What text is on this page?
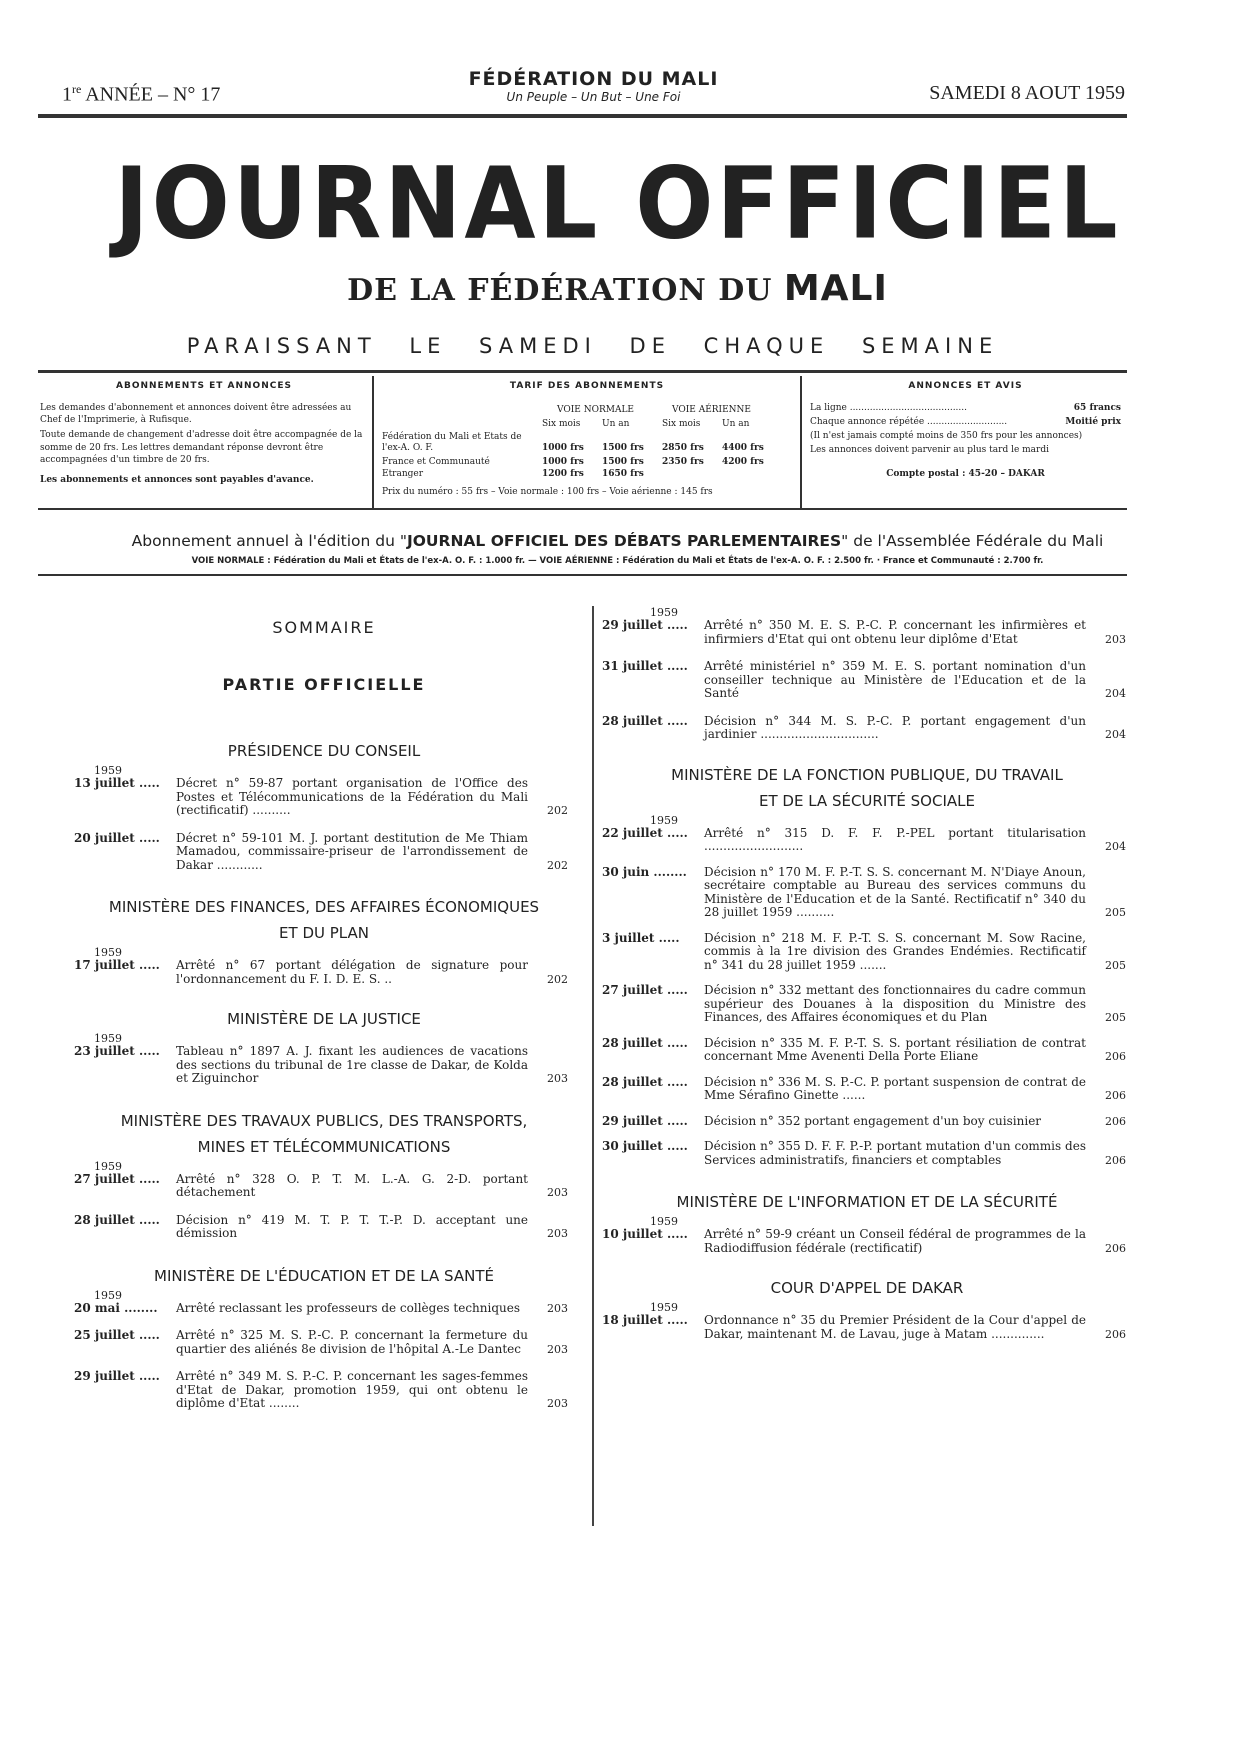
1re ANNÉE – N° 17
FÉDÉRATION DU MALI
Un Peuple – Un But – Une Foi	SAMEDI 8 AOUT 1959
JOURNAL OFFICIEL
DE LA FÉDÉRATION DU MALI
PARAISSANT LE SAMEDI DE CHAQUE SEMAINE
ABONNEMENTS ET ANNONCES

Les demandes d'abonnement et annonces doivent être adressées au Chef de l'Imprimerie, à Rufisque.

Toute demande de changement d'adresse doit être accompagnée de la somme de 20 frs. Les lettres demandant réponse devront être accompagnées d'un timbre de 20 frs.

Les abonnements et annonces sont payables d'avance.

TARIF DES ABONNEMENTS
VOIE NORMALE	VOIE AÉRIENNE
Six mois Un an	Six mois Un an
Fédération du Mali et Etats de l'ex-A. O. F.	1000 frs 1500 frs 2850 frs 4400 frs
France et Communauté	1000 frs 1500 frs 2350 frs 4200 frs
Etranger	1200 frs 1650 frs
Prix du numéro : 55 frs – Voie normale : 100 frs – Voie aérienne : 145 frs
ANNONCES ET AVIS
La ligne .........................................	65 francs
Chaque annonce répétée ............................	Moitié prix
(Il n'est jamais compté moins de 350 frs pour les annonces)
Les annonces doivent parvenir au plus tard le mardi
Compte postal : 45-20 – DAKAR
Abonnement annuel à l'édition du "JOURNAL OFFICIEL DES DÉBATS PARLEMENTAIRES" de l'Assemblée Fédérale du Mali
VOIE NORMALE : Fédération du Mali et États de l'ex-A. O. F. : 1.000 fr. — VOIE AÉRIENNE : Fédération du Mali et États de l'ex-A. O. F. : 2.500 fr. · France et Communauté : 2.700 fr.
SOMMAIRE
PARTIE OFFICIELLE
PRÉSIDENCE DU CONSEIL
1959
13 juillet .....	Décret n° 59-87 portant organisation de l'Office des Postes et Télécommunications de la Fédération du Mali (rectificatif) ..........	202
20 juillet .....	Décret n° 59-101 M. J. portant destitution de Me Thiam Mamadou, commissaire-priseur de l'arrondissement de Dakar ............	202
MINISTÈRE DES FINANCES, DES AFFAIRES ÉCONOMIQUES
ET DU PLAN
1959
17 juillet .....	Arrêté n° 67 portant délégation de signature pour l'ordonnancement du F. I. D. E. S. ..	202
MINISTÈRE DE LA JUSTICE
1959
23 juillet .....	Tableau n° 1897 A. J. fixant les audiences de vacations des sections du tribunal de 1re classe de Dakar, de Kolda et Ziguinchor	203
MINISTÈRE DES TRAVAUX PUBLICS, DES TRANSPORTS,
MINES ET TÉLÉCOMMUNICATIONS
1959
27 juillet .....	Arrêté n° 328 O. P. T. M. L.-A. G. 2-D. portant détachement	203
28 juillet .....	Décision n° 419 M. T. P. T. T.-P. D. acceptant une démission	203
MINISTÈRE DE L'ÉDUCATION ET DE LA SANTÉ
1959
20 mai ........	Arrêté reclassant les professeurs de collèges techniques	203
25 juillet .....	Arrêté n° 325 M. S. P.-C. P. concernant la fermeture du quartier des aliénés 8e division de l'hôpital A.-Le Dantec	203
29 juillet .....	Arrêté n° 349 M. S. P.-C. P. concernant les sages-femmes d'Etat de Dakar, promotion 1959, qui ont obtenu le diplôme d'Etat ........	203
1959
29 juillet .....	Arrêté n° 350 M. E. S. P.-C. P. concernant les infirmières et infirmiers d'Etat qui ont obtenu leur diplôme d'Etat	203
31 juillet .....	Arrêté ministériel n° 359 M. E. S. portant nomination d'un conseiller technique au Ministère de l'Education et de la Santé	204
28 juillet .....	Décision n° 344 M. S. P.-C. P. portant engagement d'un jardinier ...............................	204
MINISTÈRE DE LA FONCTION PUBLIQUE, DU TRAVAIL
ET DE LA SÉCURITÉ SOCIALE
1959
22 juillet .....	Arrêté n° 315 D. F. F. P.-PEL portant titularisation ..........................	204
30 juin ........	Décision n° 170 M. F. P.-T. S. S. concernant M. N'Diaye Anoun, secrétaire comptable au Bureau des services communs du Ministère de l'Education et de la Santé. Rectificatif n° 340 du 28 juillet 1959 ..........	205
3 juillet .....	Décision n° 218 M. F. P.-T. S. S. concernant M. Sow Racine, commis à la 1re division des Grandes Endémies. Rectificatif n° 341 du 28 juillet 1959 .......	205
27 juillet .....	Décision n° 332 mettant des fonctionnaires du cadre commun supérieur des Douanes à la disposition du Ministre des Finances, des Affaires économiques et du Plan	205
28 juillet .....	Décision n° 335 M. F. P.-T. S. S. portant résiliation de contrat concernant Mme Avenenti Della Porte Eliane	206
28 juillet .....	Décision n° 336 M. S. P.-C. P. portant suspension de contrat de Mme Sérafino Ginette ......	206
29 juillet .....	Décision n° 352 portant engagement d'un boy cuisinier	206
30 juillet .....	Décision n° 355 D. F. F. P.-P. portant mutation d'un commis des Services administratifs, financiers et comptables	206
MINISTÈRE DE L'INFORMATION ET DE LA SÉCURITÉ
1959
10 juillet .....	Arrêté n° 59-9 créant un Conseil fédéral de programmes de la Radiodiffusion fédérale (rectificatif)	206
COUR D'APPEL DE DAKAR
1959
18 juillet .....	Ordonnance n° 35 du Premier Président de la Cour d'appel de Dakar, maintenant M. de Lavau, juge à Matam ..............	206
